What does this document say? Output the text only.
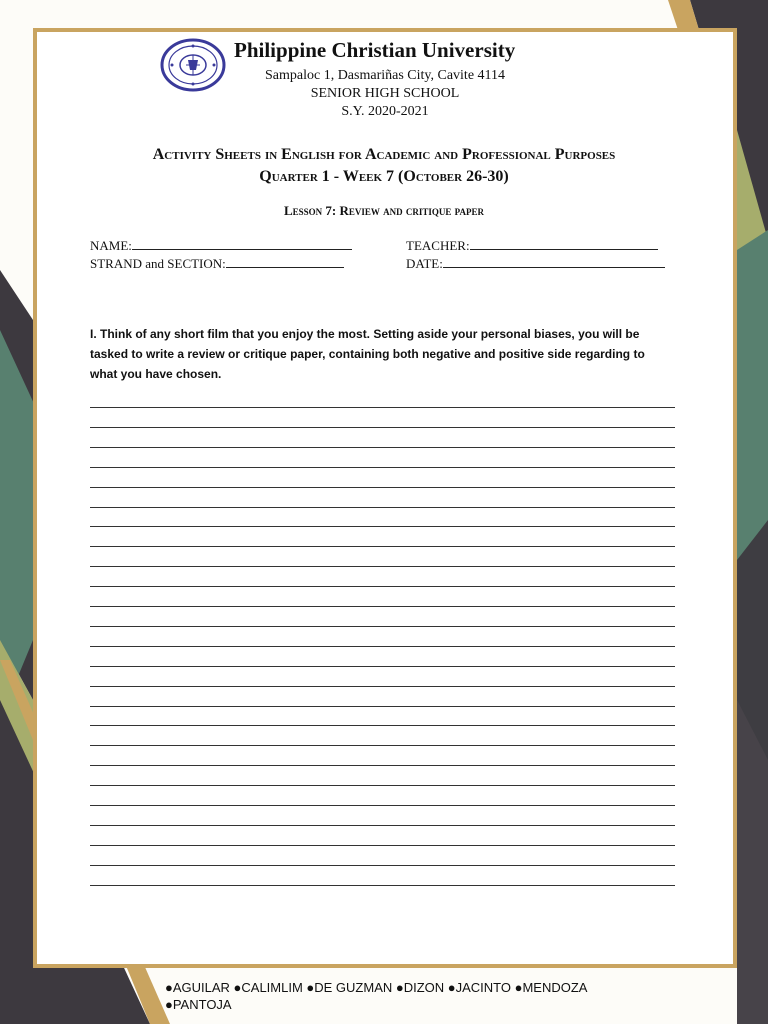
Philippine Christian University
Sampaloc 1, Dasmariñas City, Cavite 4114
SENIOR HIGH SCHOOL
S.Y. 2020-2021
Activity Sheets in English for Academic and Professional Purposes
Quarter 1 - Week 7 (October 26-30)
Lesson 7: Review and critique paper
NAME:	TEACHER:
STRAND and SECTION:	DATE:
I. Think of any short film that you enjoy the most. Setting aside your personal biases, you will be tasked to write a review or critique paper, containing both negative and positive side regarding to what you have chosen.
●AGUILAR ●CALIMLIM ●DE GUZMAN ●DIZON ●JACINTO ●MENDOZA ●PANTOJA
